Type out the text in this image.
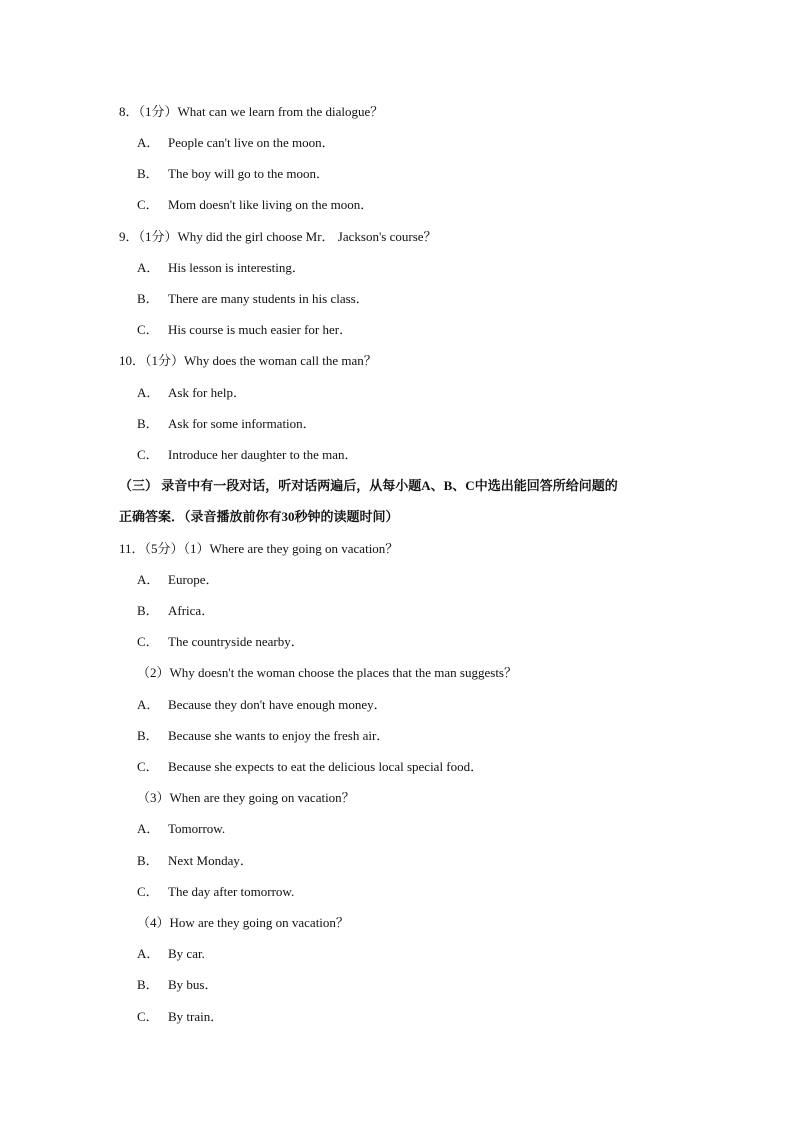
8．（1分）What can we learn from the dialogue？
A． People can't live on the moon．
B． The boy will go to the moon．
C． Mom doesn't like living on the moon．
9．（1分）Why did the girl choose Mr． Jackson's course？
A． His lesson is interesting．
B． There are many students in his class．
C． His course is much easier for her．
10．（1分）Why does the woman call the man？
A． Ask for help．
B． Ask for some information．
C． Introduce her daughter to the man．
（三） 录音中有一段对话，听对话两遍后，从每小题A、B、C中选出能回答所给问题的
正确答案．（录音播放前你有30秒钟的读题时间）
11．（5分）（1）Where are they going on vacation？
A． Europe．
B． Africa．
C． The countryside nearby．
（2）Why doesn't the woman choose the places that the man suggests？
A． Because they don't have enough money．
B． Because she wants to enjoy the fresh air．
C． Because she expects to eat the delicious local special food．
（3）When are they going on vacation？
A． Tomorrow.
B． Next Monday．
C． The day after tomorrow.
（4）How are they going on vacation？
A． By car.
B． By bus．
C． By train．
